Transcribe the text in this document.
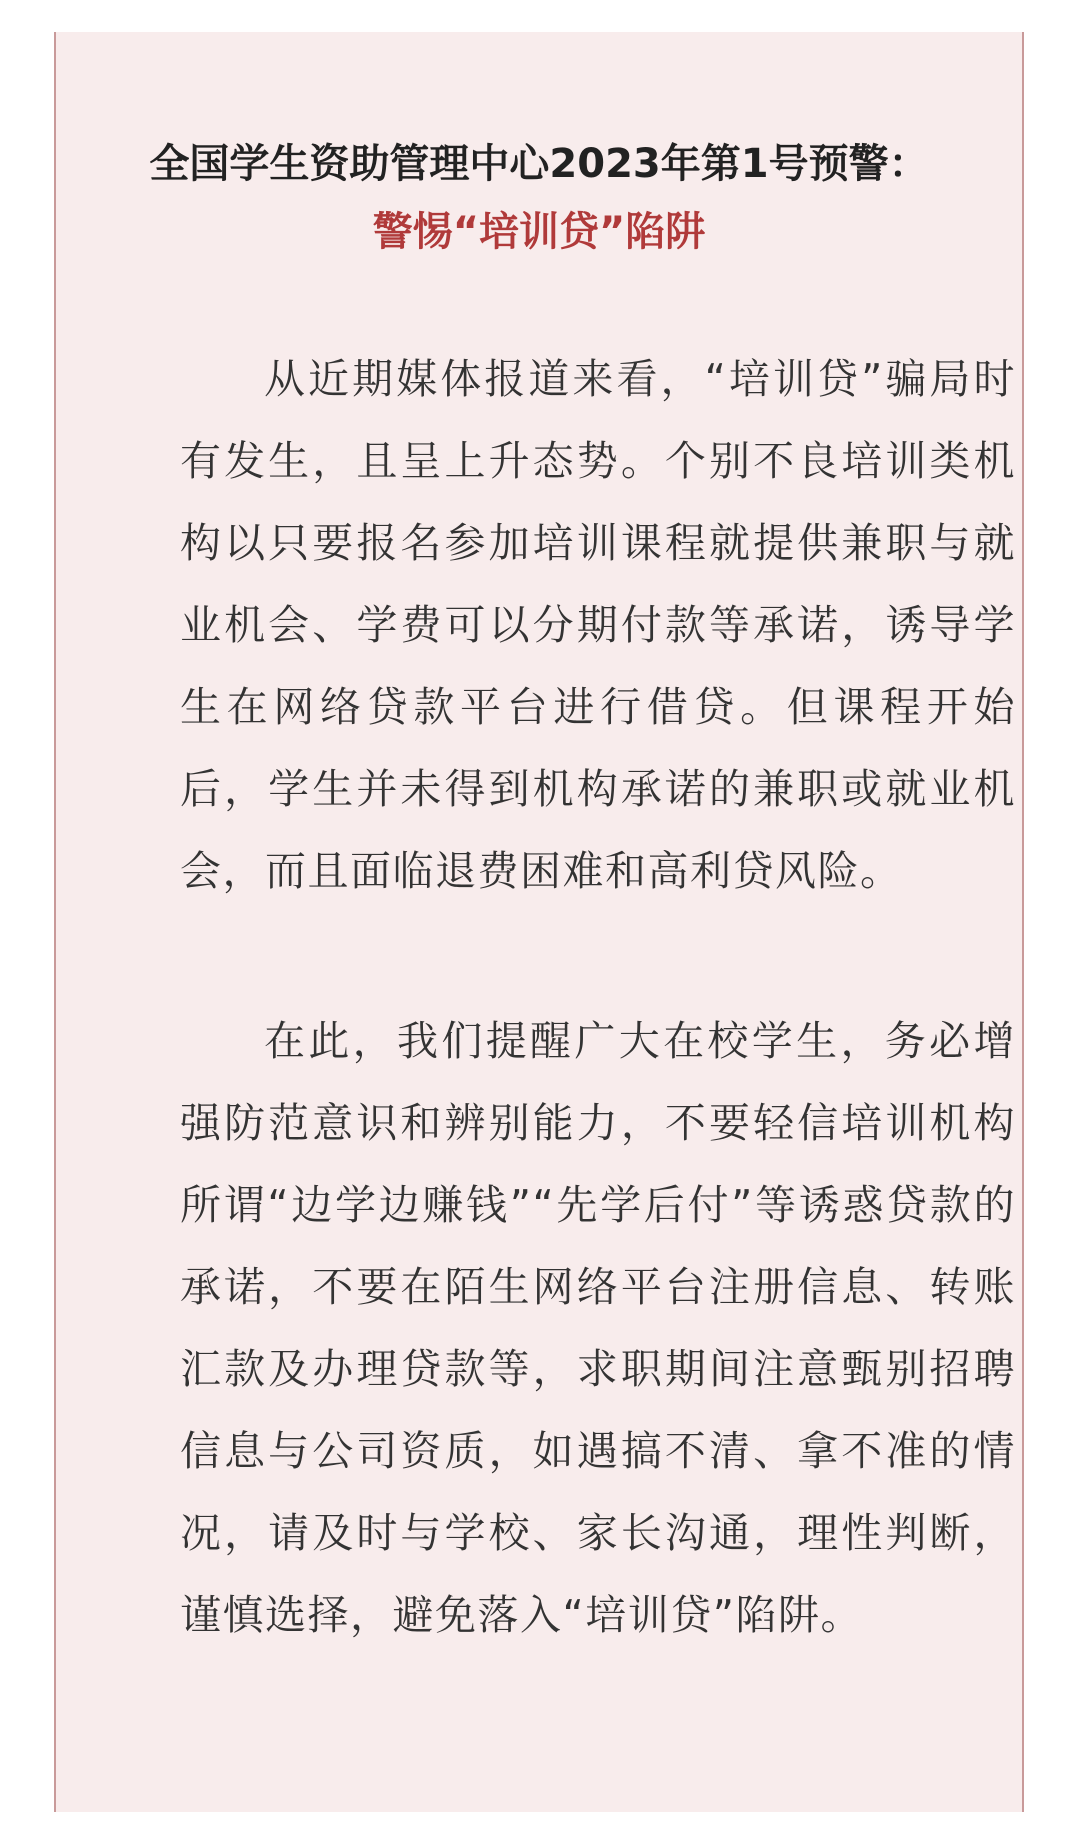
全国学生资助管理中心2023年第1号预警：
警惕“培训贷”陷阱

从近期媒体报道来看，“培训贷”骗局时有发生，且呈上升态势。个别不良培训类机构以只要报名参加培训课程就提供兼职与就业机会、学费可以分期付款等承诺，诱导学生在网络贷款平台进行借贷。但课程开始后，学生并未得到机构承诺的兼职或就业机会，而且面临退费困难和高利贷风险。

在此，我们提醒广大在校学生，务必增强防范意识和辨别能力，不要轻信培训机构所谓“边学边赚钱”“先学后付”等诱惑贷款的承诺，不要在陌生网络平台注册信息、转账汇款及办理贷款等，求职期间注意甄别招聘信息与公司资质，如遇搞不清、拿不准的情况，请及时与学校、家长沟通，理性判断，谨慎选择，避免落入“培训贷”陷阱。
